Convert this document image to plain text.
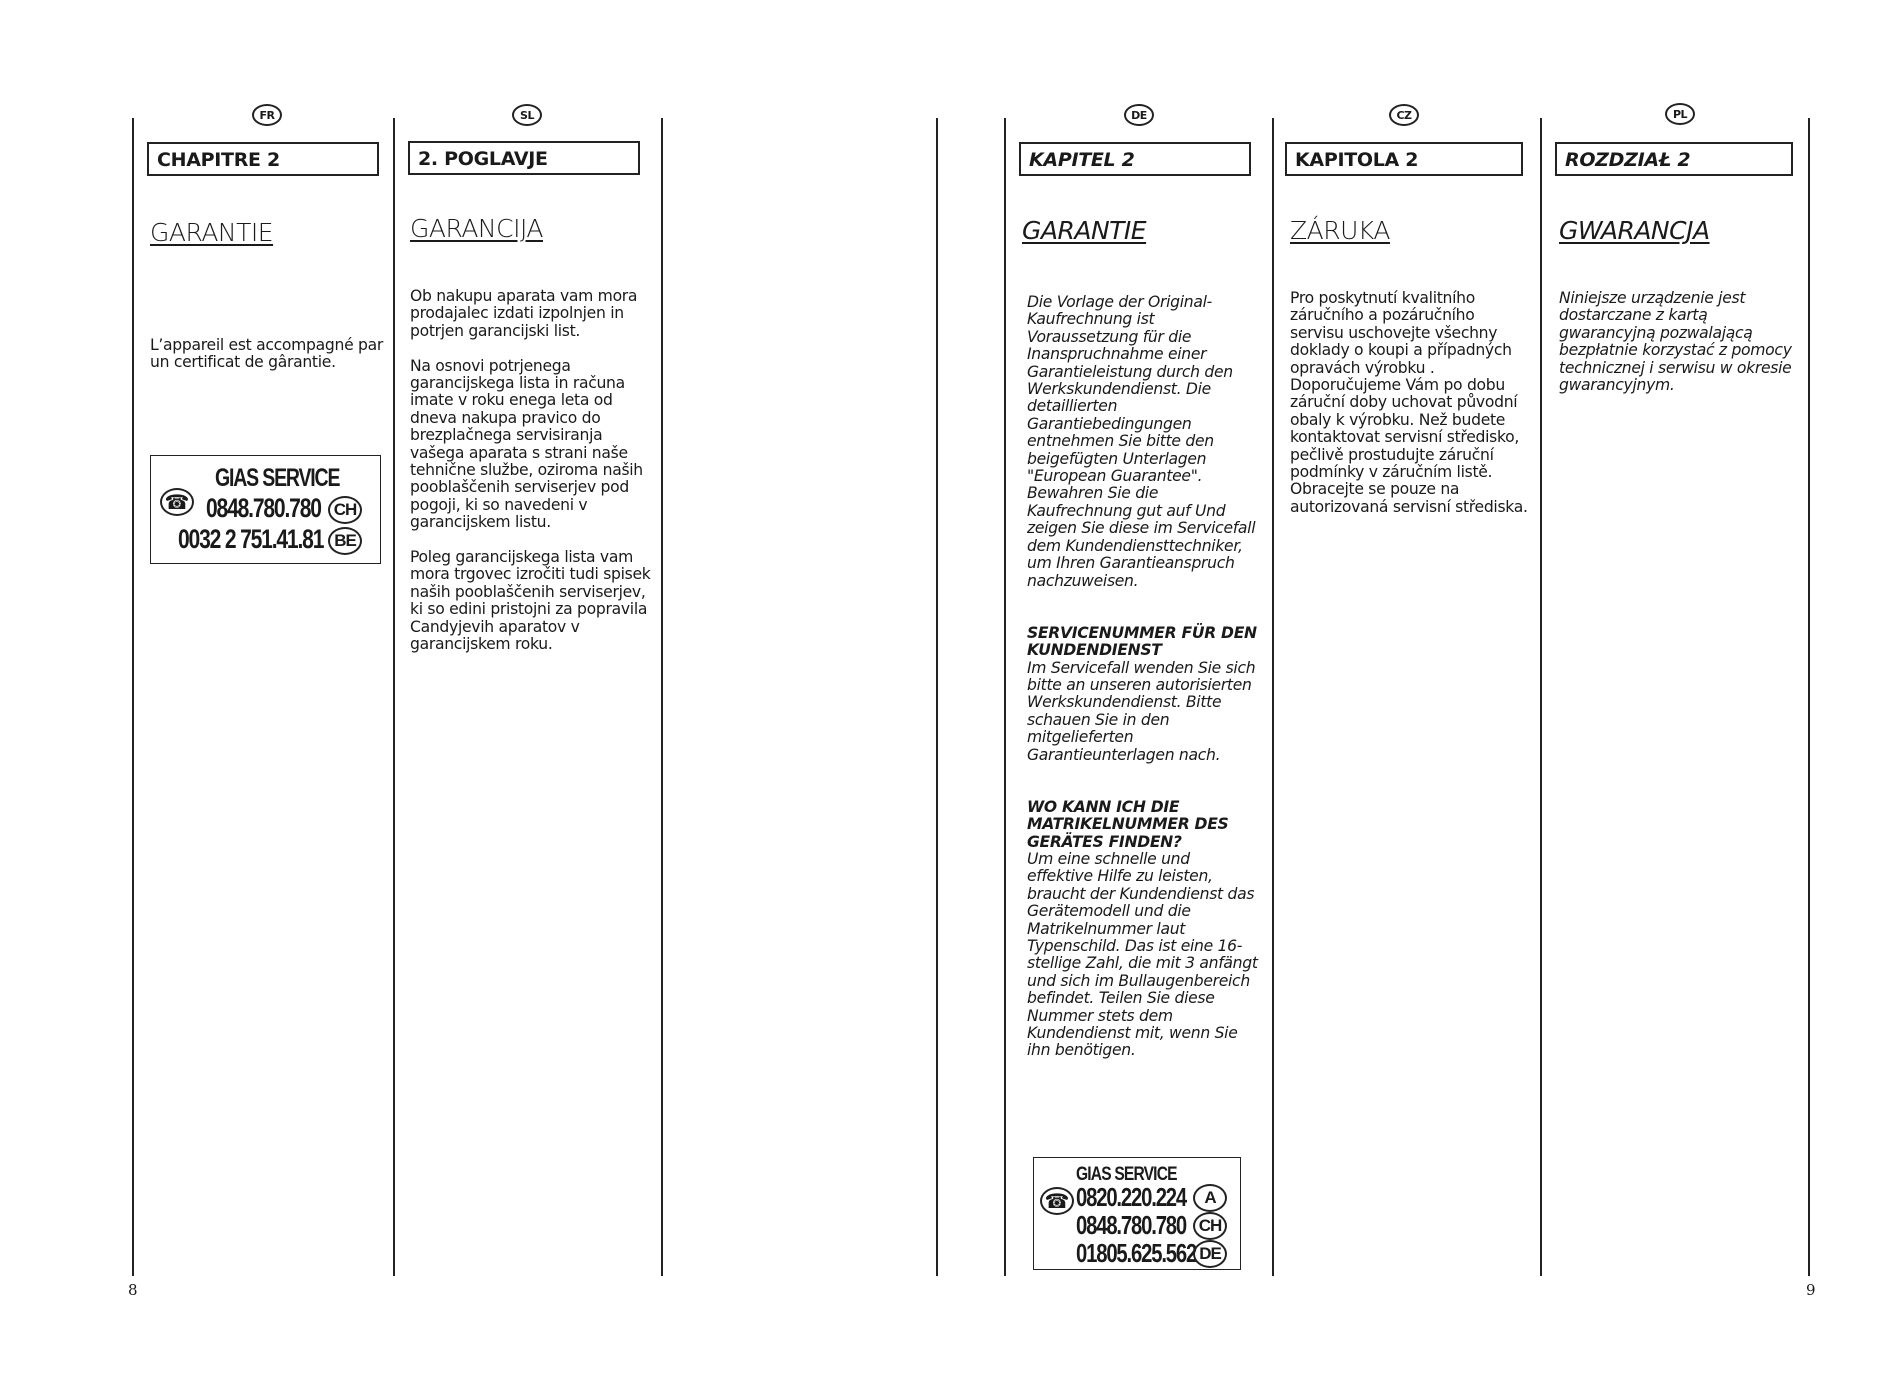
FR
CHAPITRE 2
GARANTIE

L’appareil est accompagné par un certificat de gârantie.

GIAS SERVICE
☎ 0848.780.780 CH
0032 2 751.41.81 BE
SL
2. POGLAVJE
GARANCIJA

Ob nakupu aparata vam mora prodajalec izdati izpolnjen in potrjen garancijski list.

Na osnovi potrjenega garancijskega lista in računa imate v roku enega leta od dneva nakupa pravico do brezplačnega servisiranja vašega aparata s strani naše tehnične službe, oziroma naših pooblaščenih serviserjev pod pogoji, ki so navedeni v garancijskem listu.

Poleg garancijskega lista vam mora trgovec izročiti tudi spisek naših pooblaščenih serviserjev, ki so edini pristojni za popravila Candyjevih aparatov v garancijskem roku.

8
DE
KAPITEL 2
GARANTIE

Die Vorlage der Original-Kaufrechnung ist Voraussetzung für die Inanspruchnahme einer Garantieleistung durch den Werkskundendienst. Die detaillierten Garantiebedingungen entnehmen Sie bitte den beigefügten Unterlagen "European Guarantee". Bewahren Sie die Kaufrechnung gut auf Und zeigen Sie diese im Servicefall dem Kundendiensttechniker, um Ihren Garantieanspruch nachzuweisen.

SERVICENUMMER FÜR DEN KUNDENDIENST
Im Servicefall wenden Sie sich bitte an unseren autorisierten Werkskundendienst. Bitte schauen Sie in den mitgelieferten Garantieunterlagen nach.

WO KANN ICH DIE MATRIKELNUMMER DES GERÄTES FINDEN?
Um eine schnelle und effektive Hilfe zu leisten, braucht der Kundendienst das Gerätemodell und die Matrikelnummer laut Typenschild. Das ist eine 16-stellige Zahl, die mit 3 anfängt und sich im Bullaugenbereich befindet. Teilen Sie diese Nummer stets dem Kundendienst mit, wenn Sie ihn benötigen.

GIAS SERVICE
☎ 0820.220.224	A
0848.780.780 CH
01805.625.562 DE
CZ
KAPITOLA 2
ZÁRUKA

Pro poskytnutí kvalitního záručního a pozáručního servisu uschovejte všechny doklady o koupi a případných opravách výrobku . Doporučujeme Vám po dobu záruční doby uchovat původní obaly k výrobku. Než budete kontaktovat servisní středisko, pečlivě prostudujte záruční podmínky v záručním listě. Obracejte se pouze na autorizovaná servisní střediska.

PL
ROZDZIAŁ 2
GWARANCJA

Niniejsze urządzenie jest dostarczane z kartą gwarancyjną pozwalającą bezpłatnie korzystać z pomocy technicznej i serwisu w okresie gwarancyjnym.

9
